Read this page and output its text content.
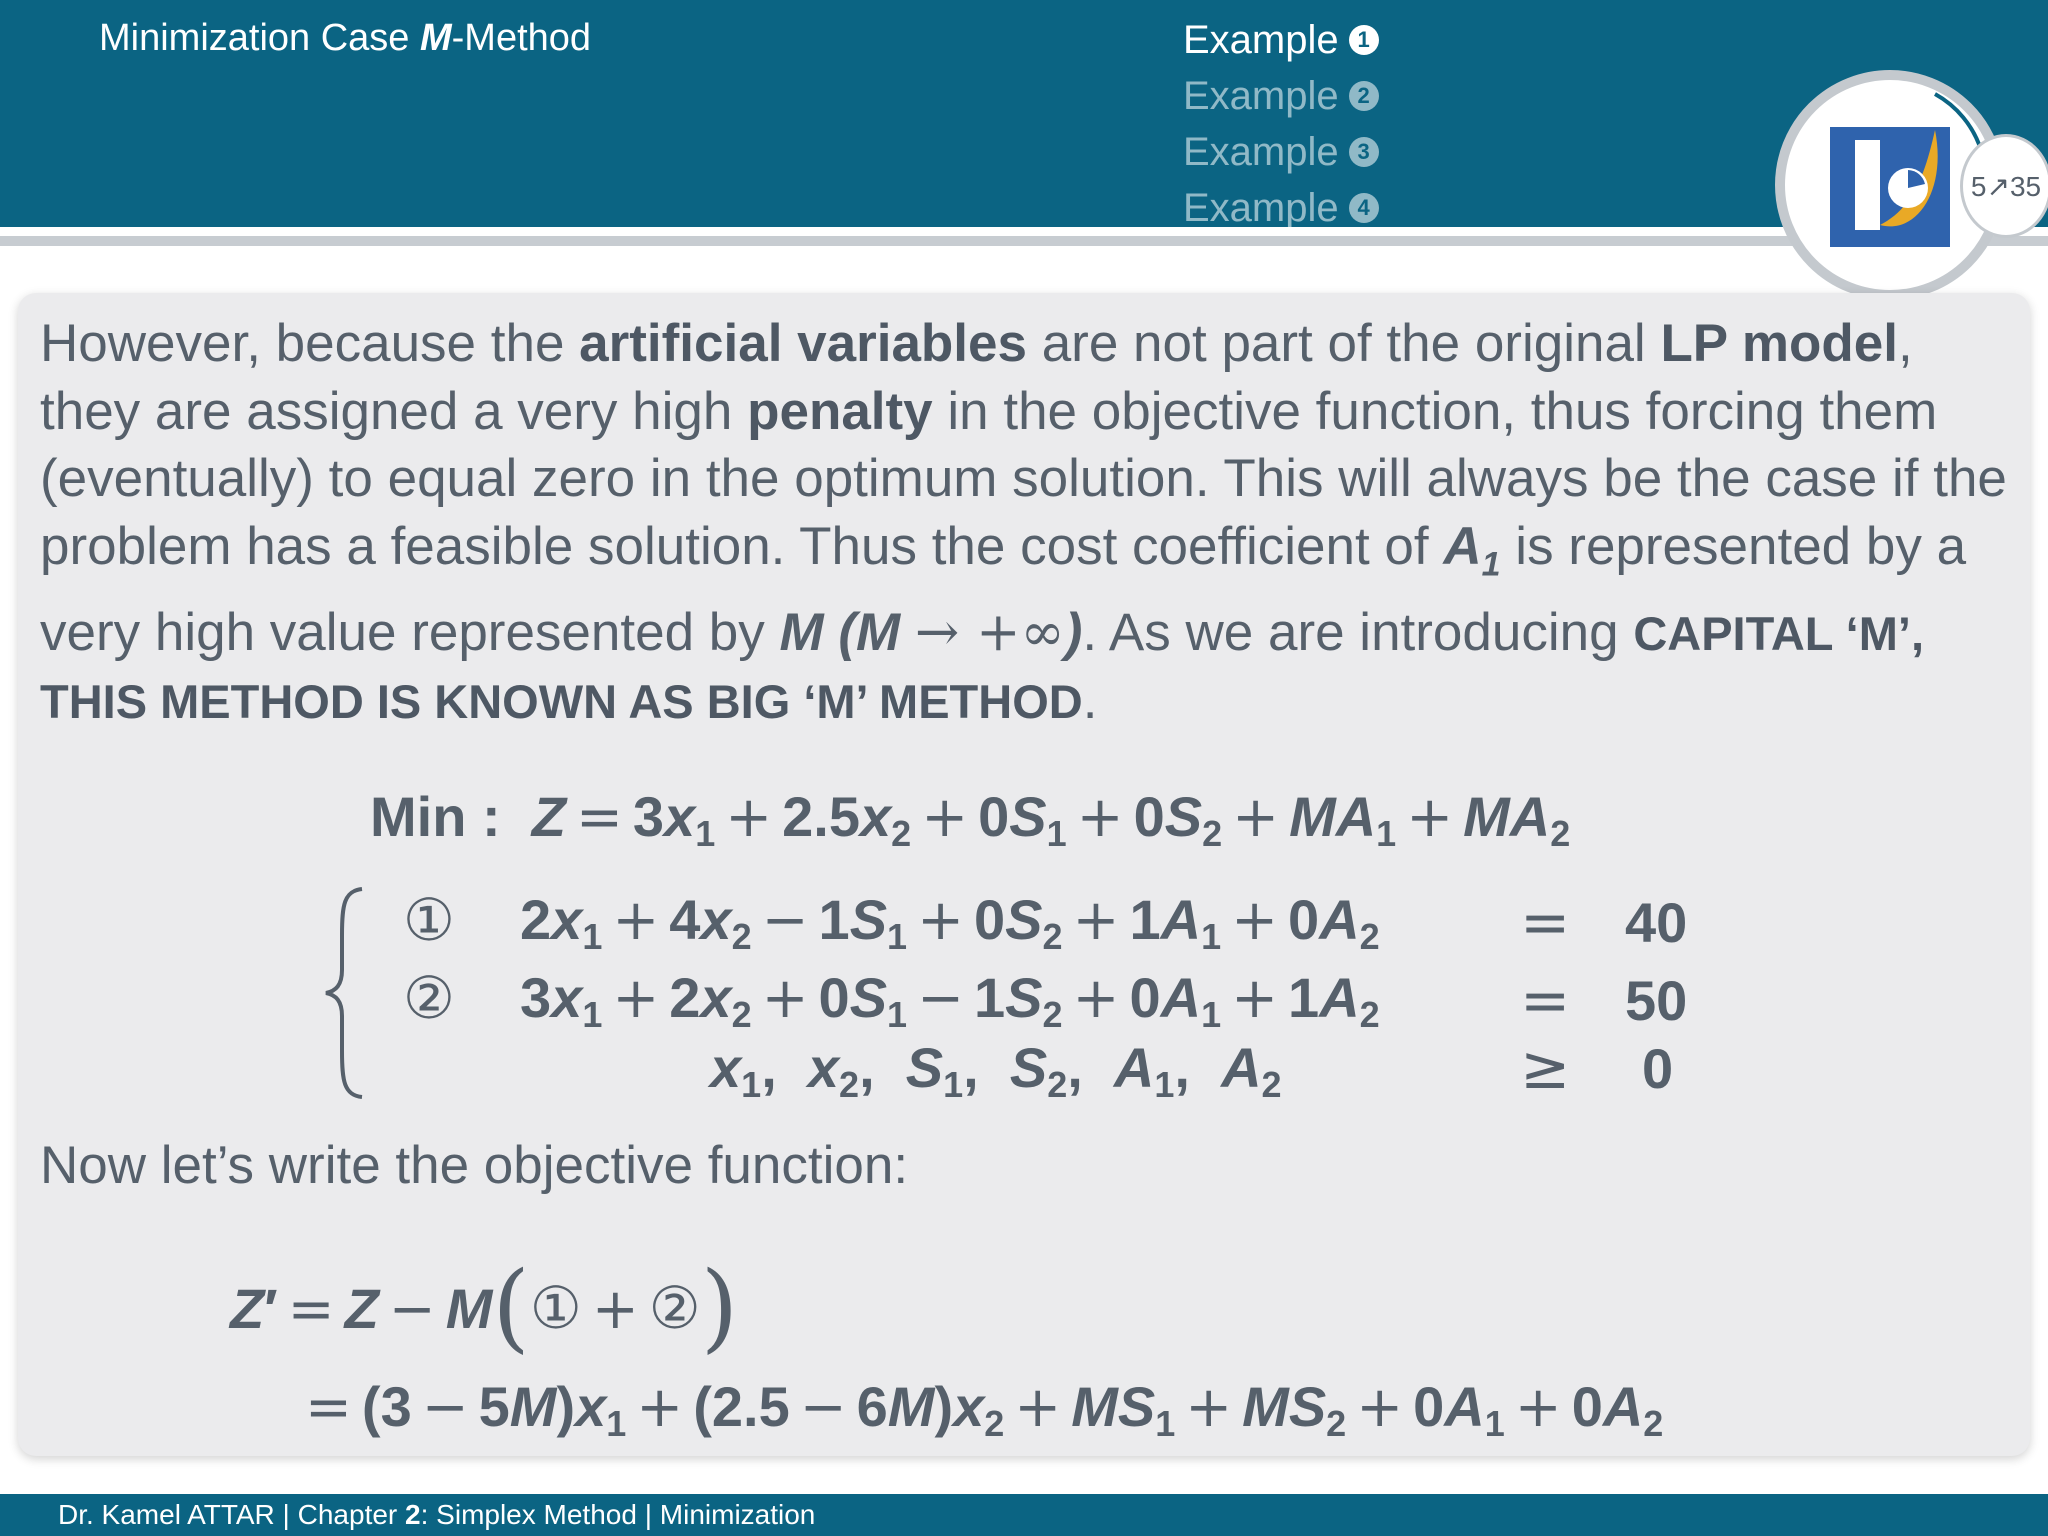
Minimization Case M-Method	Example 1
Example 2
Example 3
Example 4
5↗35
However, because the artificial variables are not part of the original LP model, they are assigned a very high penalty in the objective function, thus forcing them (eventually) to equal zero in the optimum solution. This will always be the case if the problem has a feasible solution. Thus the cost coefficient of $A_1$ is represented by a very high value represented by M (M → +∞). As we are introducing CAPITAL ‘M’, THIS METHOD IS KNOWN AS BIG ‘M’ METHOD.
Min : $Z = 3x_1 + 2.5x_2 + 0S_1 + 0S_2 + MA_1 + MA_2$
① $2x_1 + 4x_2 - 1S_1 + 0S_2 + 1A_1 + 0A_2$
② $3x_1 + 2x_2 + 0S_1 - 1S_2 + 0A_1 + 1A_2$
$x_1$,  $x_2$,  $S_1$,  $S_2$,  $A_1$,  $A_2$
=
=
≥
40
50
0
Now let’s write the objective function:
Z′ = Z − M(① + ②)
= $(3 - 5M)x_1 + (2.5 - 6M)x_2 + MS_1 + MS_2 + 0A_1 + 0A_2$
Dr. Kamel ATTAR | Chapter 2: Simplex Method | Minimization
